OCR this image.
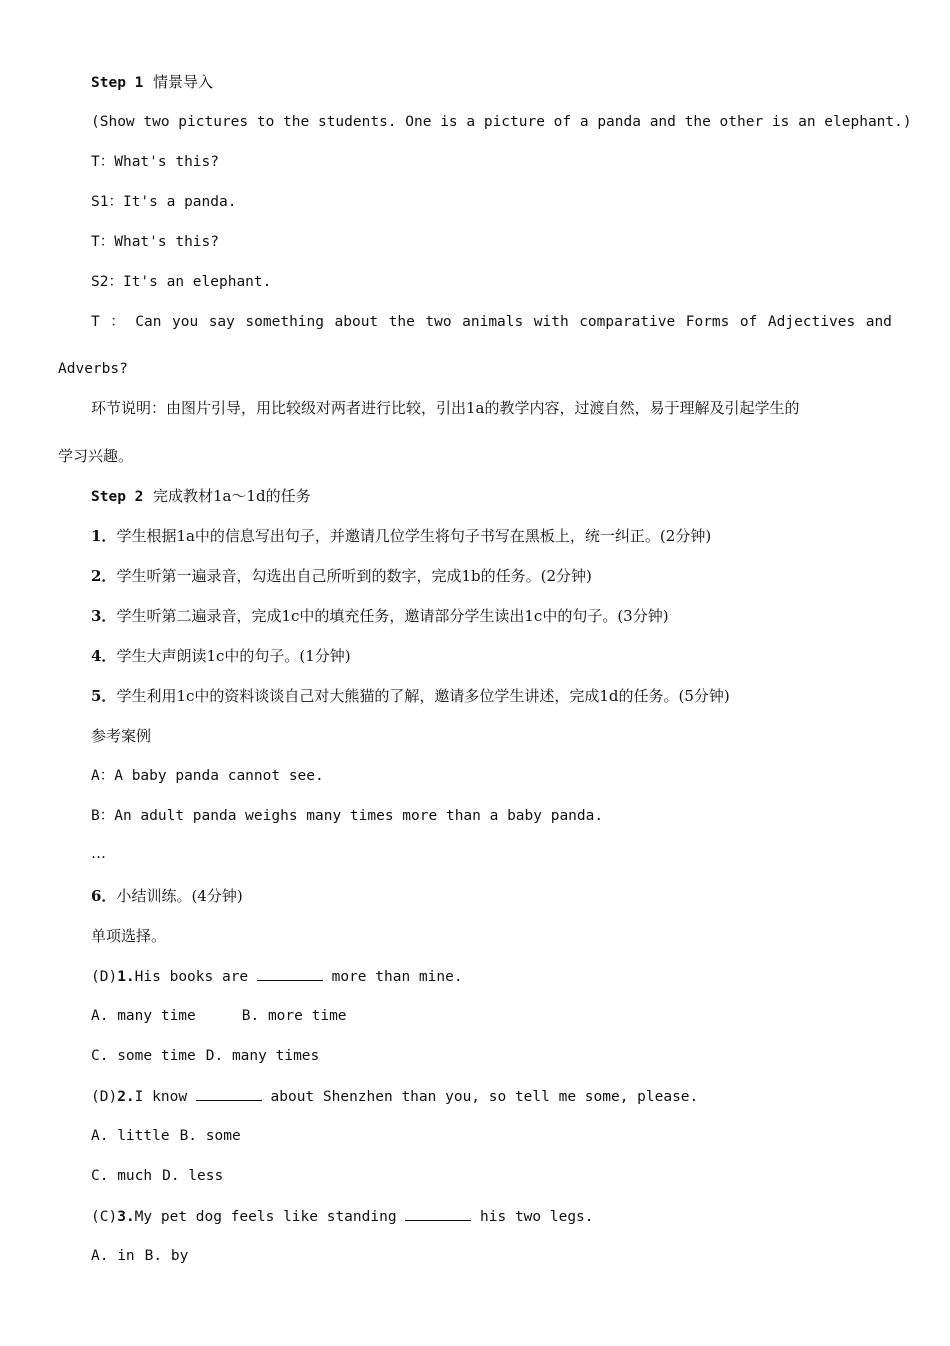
Step 1 情景导入
(Show two pictures to the students. One is a picture of a panda and the other is an elephant.)
T：What's this?
S1：It's a panda.
T：What's this?
S2：It's an elephant.
T ： Can you say something about the two animals with comparative Forms of Adjectives and
Adverbs?
环节说明：由图片引导，用比较级对两者进行比较，引出1a的教学内容，过渡自然，易于理解及引起学生的
学习兴趣。
Step 2 完成教材1a～1d的任务
1．学生根据1a中的信息写出句子，并邀请几位学生将句子书写在黑板上，统一纠正。(2分钟)
2．学生听第一遍录音，勾选出自己所听到的数字，完成1b的任务。(2分钟)
3．学生听第二遍录音，完成1c中的填充任务，邀请部分学生读出1c中的句子。(3分钟)
4．学生大声朗读1c中的句子。(1分钟)
5．学生利用1c中的资料谈谈自己对大熊猫的了解，邀请多位学生讲述，完成1d的任务。(5分钟)
参考案例
A：A baby panda cannot see.
B：An adult panda weighs many times more than a baby panda.
…
6．小结训练。(4分钟)
单项选择。
(D)1.His books are	more than mine.
A. many time	B. more time
C. some time D. many times
(D)2.I know	about Shenzhen than you, so tell me some, please.
A. little B. some
C. much D. less
(C)3.My pet dog feels like standing	his two legs.
A. in B. by
